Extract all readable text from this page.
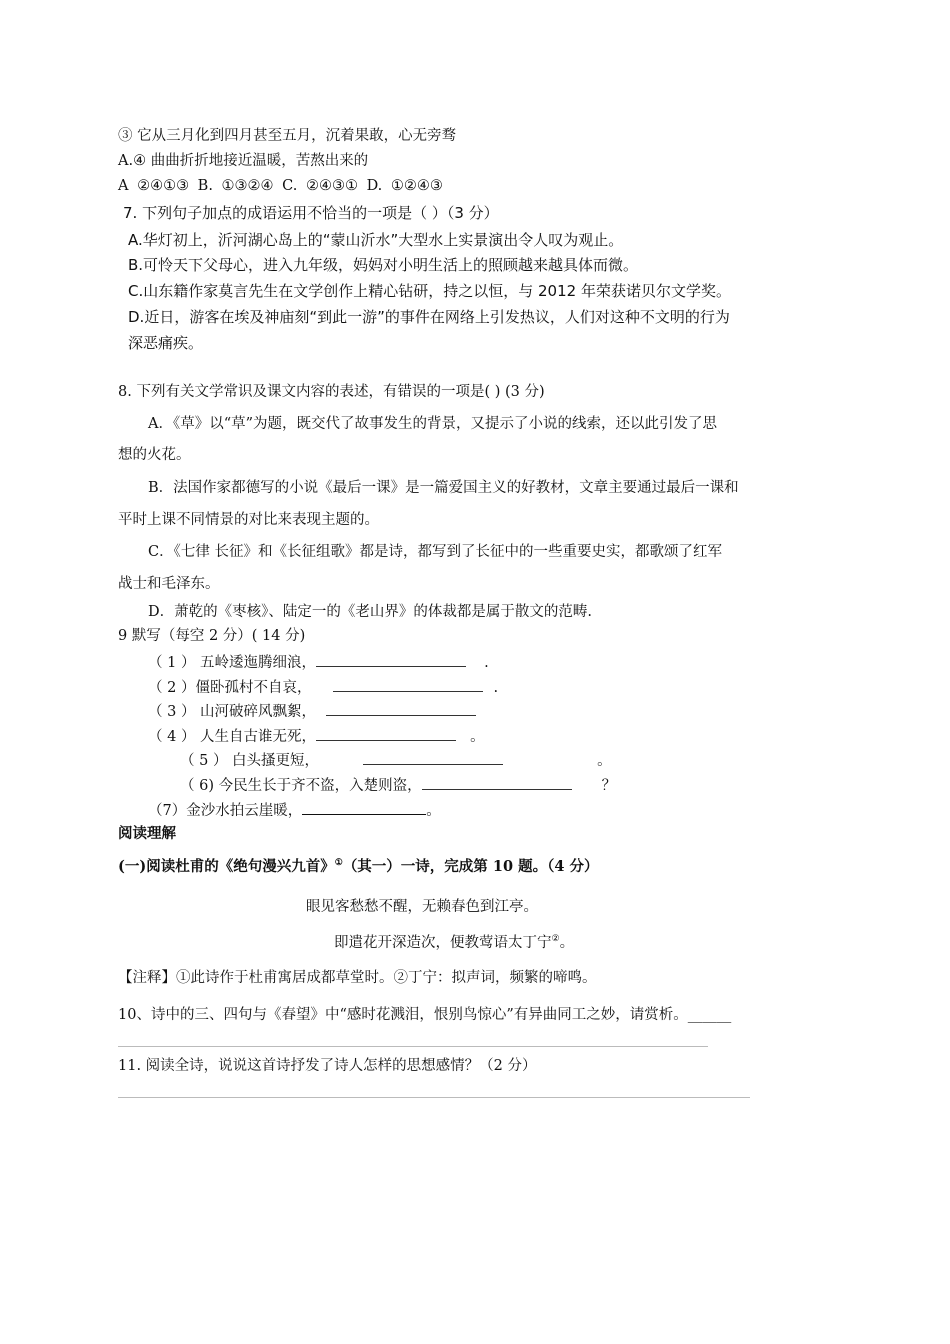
③ 它从三月化到四月甚至五月，沉着果敢，心无旁骛
A.④ 曲曲折折地接近温暖，苦熬出来的
A ②④①③ B. ①③②④ C. ②④③① D. ①②④③
7. 下列句子加点的成语运用不恰当的一项是（ ）（3 分）
A.华灯初上，沂河湖心岛上的“蒙山沂水”大型水上实景演出令人叹为观止。
B.可怜天下父母心，进入九年级，妈妈对小明生活上的照顾越来越具体而微。
C.山东籍作家莫言先生在文学创作上精心钻研，持之以恒，与 2012 年荣获诺贝尔文学奖。
D.近日，游客在埃及神庙刻“到此一游”的事件在网络上引发热议，人们对这种不文明的行为
深恶痛疾。
8. 下列有关文学常识及课文内容的表述，有错误的一项是( ) (3 分)
A．《草》以“草”为题，既交代了故事发生的背景，又提示了小说的线索，还以此引发了思
想的火花。
B．法国作家都德写的小说《最后一课》是一篇爱国主义的好教材，文章主要通过最后一课和
平时上课不同情景的对比来表现主题的。
C．《七律 长征》和《长征组歌》都是诗，都写到了长征中的一些重要史实，都歌颂了红军
战士和毛泽东。
D．萧乾的《枣核》、陆定一的《老山界》的体裁都是属于散文的范畴.
9 默写（每空 2 分）( 14 分)
（ 1 ） 五岭逶迤腾细浪，	.
（ 2 ）僵卧孤村不自哀，	.
（ 3 ） 山河破碎风飘絮，
（ 4 ） 人生自古谁无死，	。
（ 5 ） 白头搔更短，	。
（ 6) 今民生长于齐不盗，入楚则盗，	？
（7）金沙水拍云崖暖，	。
阅读理解
(一)阅读杜甫的《绝句漫兴九首》①（其一）一诗，完成第 10 题。（4 分）
眼见客愁愁不醒，无赖春色到江亭。
即遣花开深造次，便教莺语太丁宁②。
【注释】①此诗作于杜甫寓居成都草堂时。②丁宁：拟声词，频繁的啼鸣。
10、诗中的三、四句与《春望》中“感时花溅泪，恨别鸟惊心”有异曲同工之妙，请赏析。______
11. 阅读全诗，说说这首诗抒发了诗人怎样的思想感情？（2 分）
